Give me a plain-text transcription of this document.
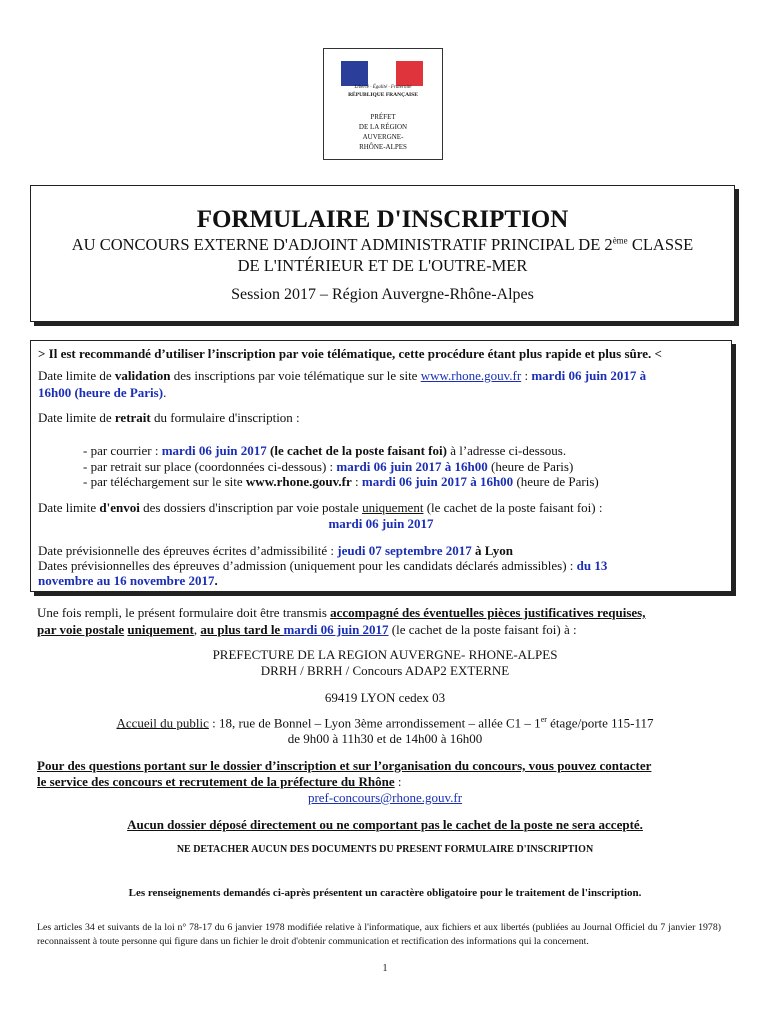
Liberté · Égalité · Fraternité
RÉPUBLIQUE FRANÇAISE
PRÉFET
DE LA RÉGION
AUVERGNE-
RHÔNE-ALPES
FORMULAIRE D'INSCRIPTION
AU CONCOURS EXTERNE D'ADJOINT ADMINISTRATIF PRINCIPAL DE 2ème CLASSE
DE L'INTÉRIEUR ET DE L'OUTRE-MER
Session 2017 – Région Auvergne-Rhône-Alpes
> Il est recommandé d’utiliser l’inscription par voie télématique, cette procédure étant plus rapide et plus sûre. <
Date limite de validation des inscriptions par voie télématique sur le site www.rhone.gouv.fr : mardi 06 juin 2017 à
16h00 (heure de Paris).
Date limite de retrait du formulaire d'inscription :
- par courrier : mardi 06 juin 2017 (le cachet de la poste faisant foi) à l’adresse ci-dessous.
- par retrait sur place (coordonnées ci-dessous) : mardi 06 juin 2017 à 16h00 (heure de Paris)
- par téléchargement sur le site www.rhone.gouv.fr : mardi 06 juin 2017 à 16h00 (heure de Paris)
Date limite d'envoi des dossiers d'inscription par voie postale uniquement (le cachet de la poste faisant foi) :
mardi 06 juin 2017
Date prévisionnelle des épreuves écrites d’admissibilité : jeudi 07 septembre 2017 à Lyon
Dates prévisionnelles des épreuves d’admission (uniquement pour les candidats déclarés admissibles) : du 13
novembre au 16 novembre 2017.
Une fois rempli, le présent formulaire doit être transmis accompagné des éventuelles pièces justificatives requises,
par voie postale uniquement, au plus tard le mardi 06 juin 2017 (le cachet de la poste faisant foi) à :
PREFECTURE DE LA REGION AUVERGNE- RHONE-ALPES
DRRH / BRRH / Concours ADAP2 EXTERNE
69419 LYON cedex 03
Accueil du public : 18, rue de Bonnel – Lyon 3ème arrondissement – allée C1 – 1er étage/porte 115-117
de 9h00 à 11h30 et de 14h00 à 16h00
Pour des questions portant sur le dossier d’inscription et sur l’organisation du concours, vous pouvez contacter
le service des concours et recrutement de la préfecture du Rhône :
pref-concours@rhone.gouv.fr
Aucun dossier déposé directement ou ne comportant pas le cachet de la poste ne sera accepté.
NE DETACHER AUCUN DES DOCUMENTS DU PRESENT FORMULAIRE D'INSCRIPTION
Les renseignements demandés ci-après présentent un caractère obligatoire pour le traitement de l'inscription.
Les articles 34 et suivants de la loi n° 78-17 du 6 janvier 1978 modifiée relative à l'informatique, aux fichiers et aux libertés (publiées au Journal Officiel du 7 janvier 1978) reconnaissent à toute personne qui figure dans un fichier le droit d'obtenir communication et rectification des informations qui la concernent.
1
